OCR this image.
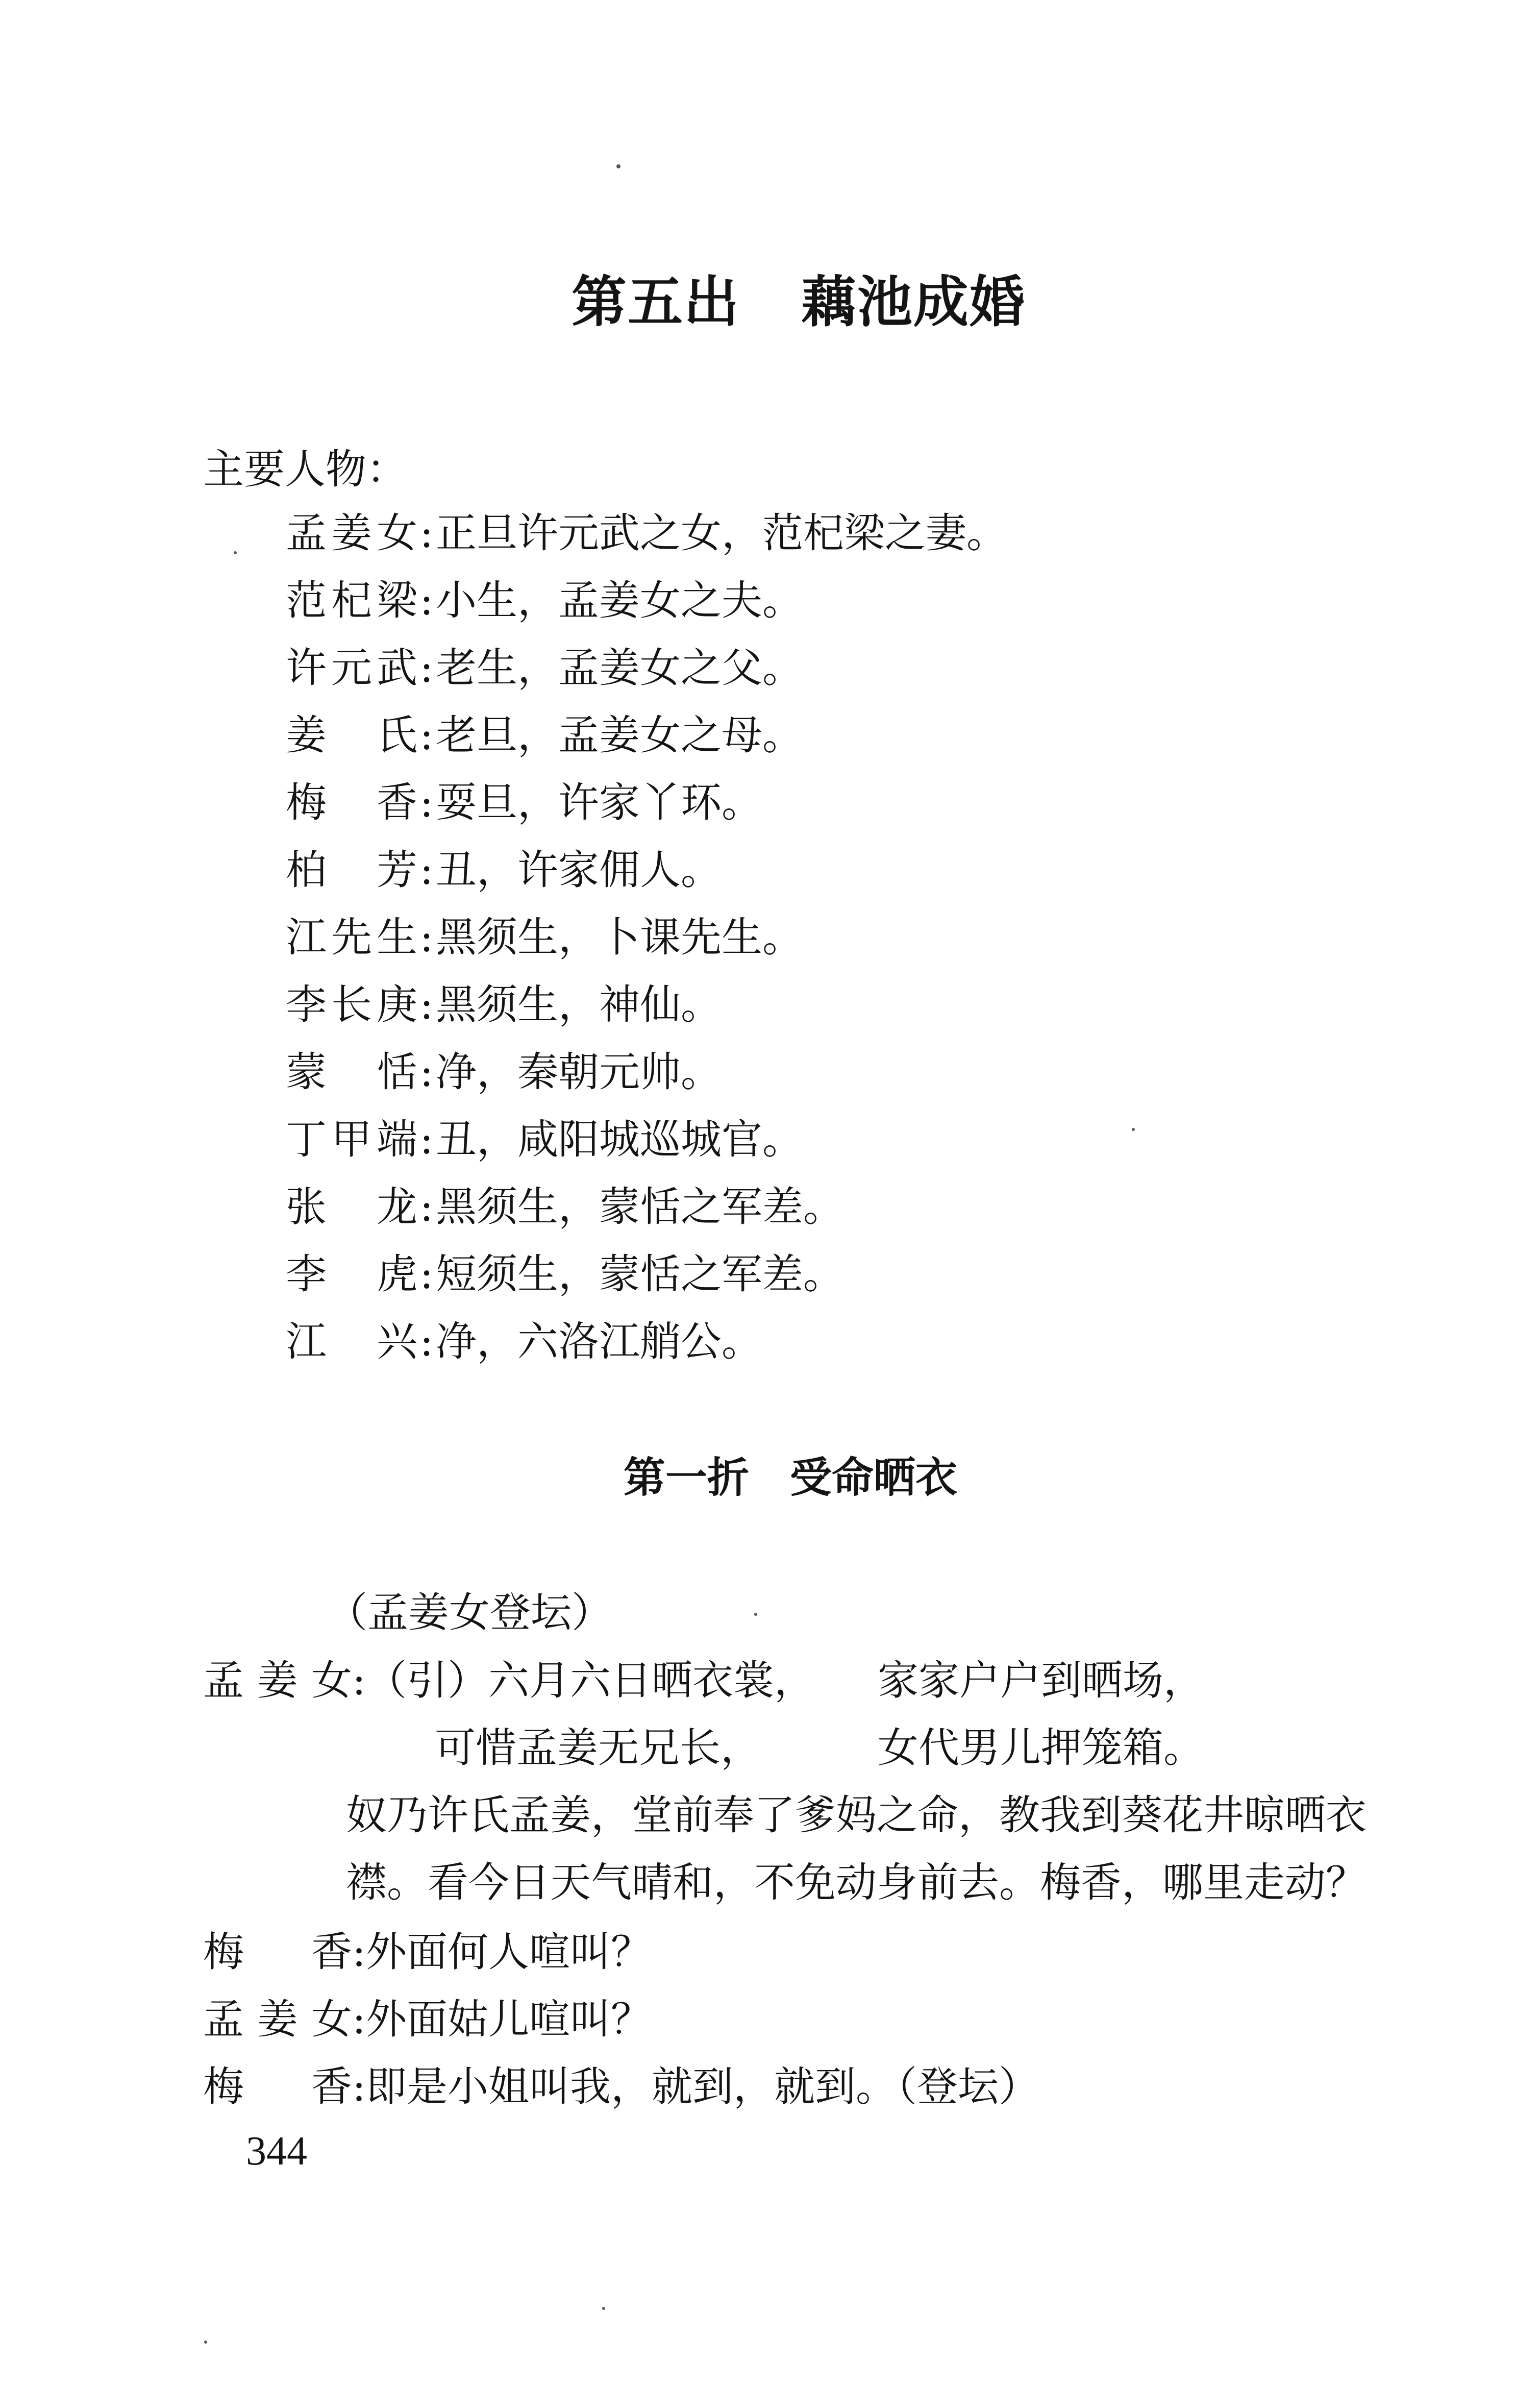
第五出 藕池成婚
主要人物：
孟姜女:正旦许元武之女，范杞梁之妻。
范杞梁:小生，孟姜女之夫。
许元武:老生，孟姜女之父。
姜　氏:老旦，孟姜女之母。
梅　香:耍旦，许家丫环。
柏　芳:丑，许家佣人。
江先生:黑须生，卜课先生。
李长庚:黑须生，神仙。
蒙　恬:净，秦朝元帅。
丁甲端:丑，咸阳城巡城官。
张　龙:黑须生，蒙恬之军差。
李　虎:短须生，蒙恬之军差。
江　兴:净，六洛江艄公。
第一折 受命晒衣
（孟姜女登坛）
孟姜女:（引）六月六日晒衣裳， 家家户户到晒场，
可惜孟姜无兄长，	女代男儿押笼箱。
奴乃许氏孟姜，堂前奉了爹妈之命，教我到葵花井晾晒衣
襟。看今日天气晴和，不免动身前去。梅香，哪里走动？
梅　香:外面何人喧叫？
孟姜女:外面姑儿喧叫？
梅　香:即是小姐叫我，就到，就到。（登坛）
344
